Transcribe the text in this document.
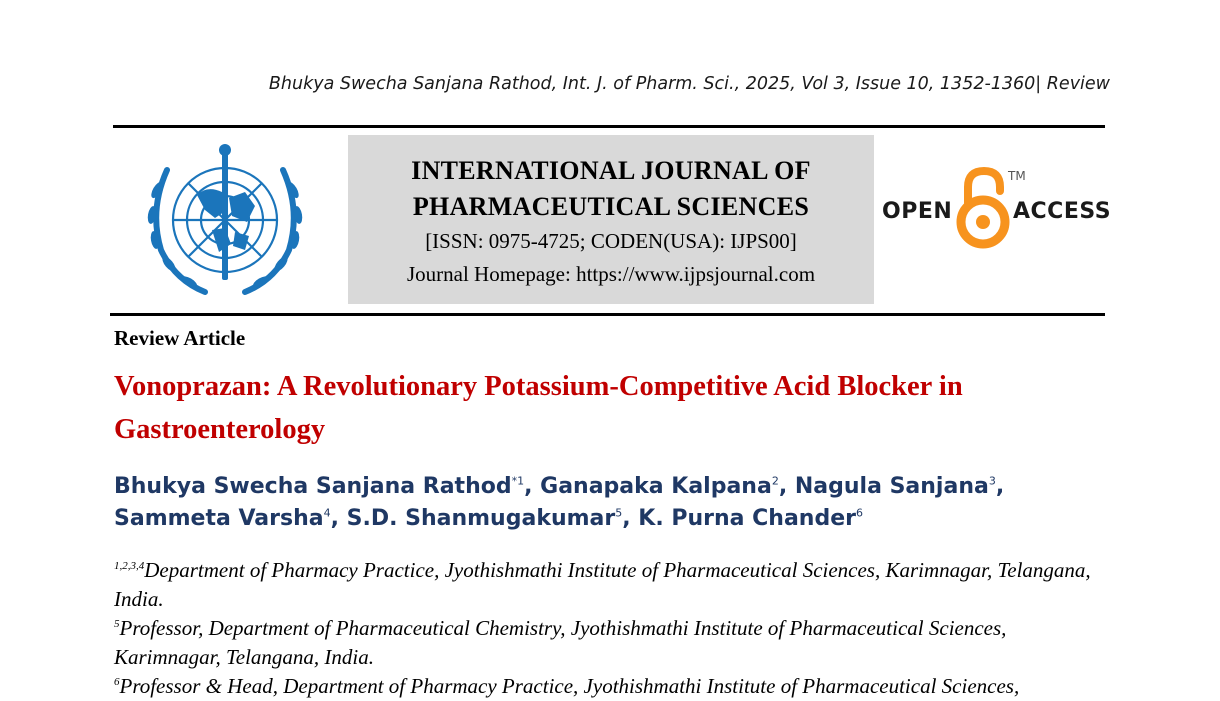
Bhukya Swecha Sanjana Rathod, Int. J. of Pharm. Sci., 2025, Vol 3, Issue 10, 1352-1360| Review
INTERNATIONAL JOURNAL OF
PHARMACEUTICAL SCIENCES
[ISSN: 0975-4725; CODEN(USA): IJPS00]
Journal Homepage: https://www.ijpsjournal.com
OPEN
TM
ACCESS
Review Article
Vonoprazan: A Revolutionary Potassium-Competitive Acid Blocker in Gastroenterology
Bhukya Swecha Sanjana Rathod$^{*1}$, Ganapaka Kalpana$^2$, Nagula Sanjana$^3$, Sammeta Varsha$^4$, S.D. Shanmugakumar$^5$, K. Purna Chander$^6$
$^{1,2,3,4}$Department of Pharmacy Practice, Jyothishmathi Institute of Pharmaceutical Sciences, Karimnagar, Telangana, India.
$^5$Professor, Department of Pharmaceutical Chemistry, Jyothishmathi Institute of Pharmaceutical Sciences, Karimnagar, Telangana, India.
$^6$Professor & Head, Department of Pharmacy Practice, Jyothishmathi Institute of Pharmaceutical Sciences,
